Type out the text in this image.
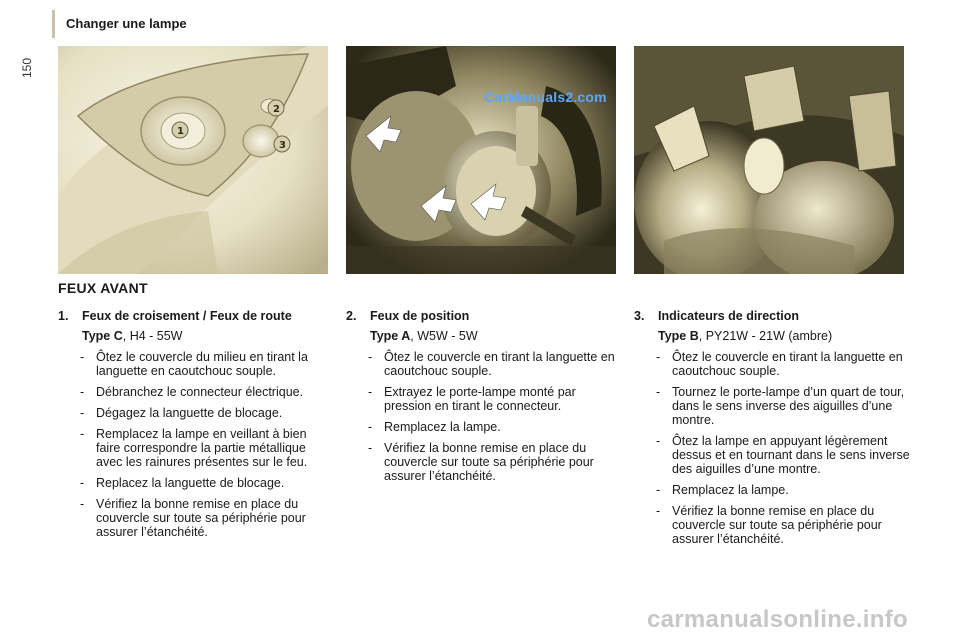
150
Changer une lampe
1
2
3
CarManuals2.com
FEUX AVANT
1.	Feux de croisement / Feux de route
Type C, H4 - 55W
- Ôtez le couvercle du milieu en tirant la languette en caoutchouc souple.
- Débranchez le connecteur électrique.
- Dégagez la languette de blocage.
- Remplacez la lampe en veillant à bien faire correspondre la partie métallique avec les rainures présentes sur le feu.
- Replacez la languette de blocage.
- Vérifiez la bonne remise en place du couvercle sur toute sa périphérie pour assurer l’étanchéité.
2.	Feux de position
Type A, W5W - 5W
- Ôtez le couvercle en tirant la languette en caoutchouc souple.
- Extrayez le porte-lampe monté par pression en tirant le connecteur.
- Remplacez la lampe.
- Vérifiez la bonne remise en place du couvercle sur toute sa périphérie pour assurer l’étanchéité.
3.	Indicateurs de direction
Type B, PY21W - 21W (ambre)
- Ôtez le couvercle en tirant la languette en caoutchouc souple.
- Tournez le porte-lampe d’un quart de tour, dans le sens inverse des aiguilles d’une montre.
- Ôtez la lampe en appuyant légèrement dessus et en tournant dans le sens inverse des aiguilles d’une montre.
- Remplacez la lampe.
- Vérifiez la bonne remise en place du couvercle sur toute sa périphérie pour assurer l’étanchéité.
carmanualsonline.info
